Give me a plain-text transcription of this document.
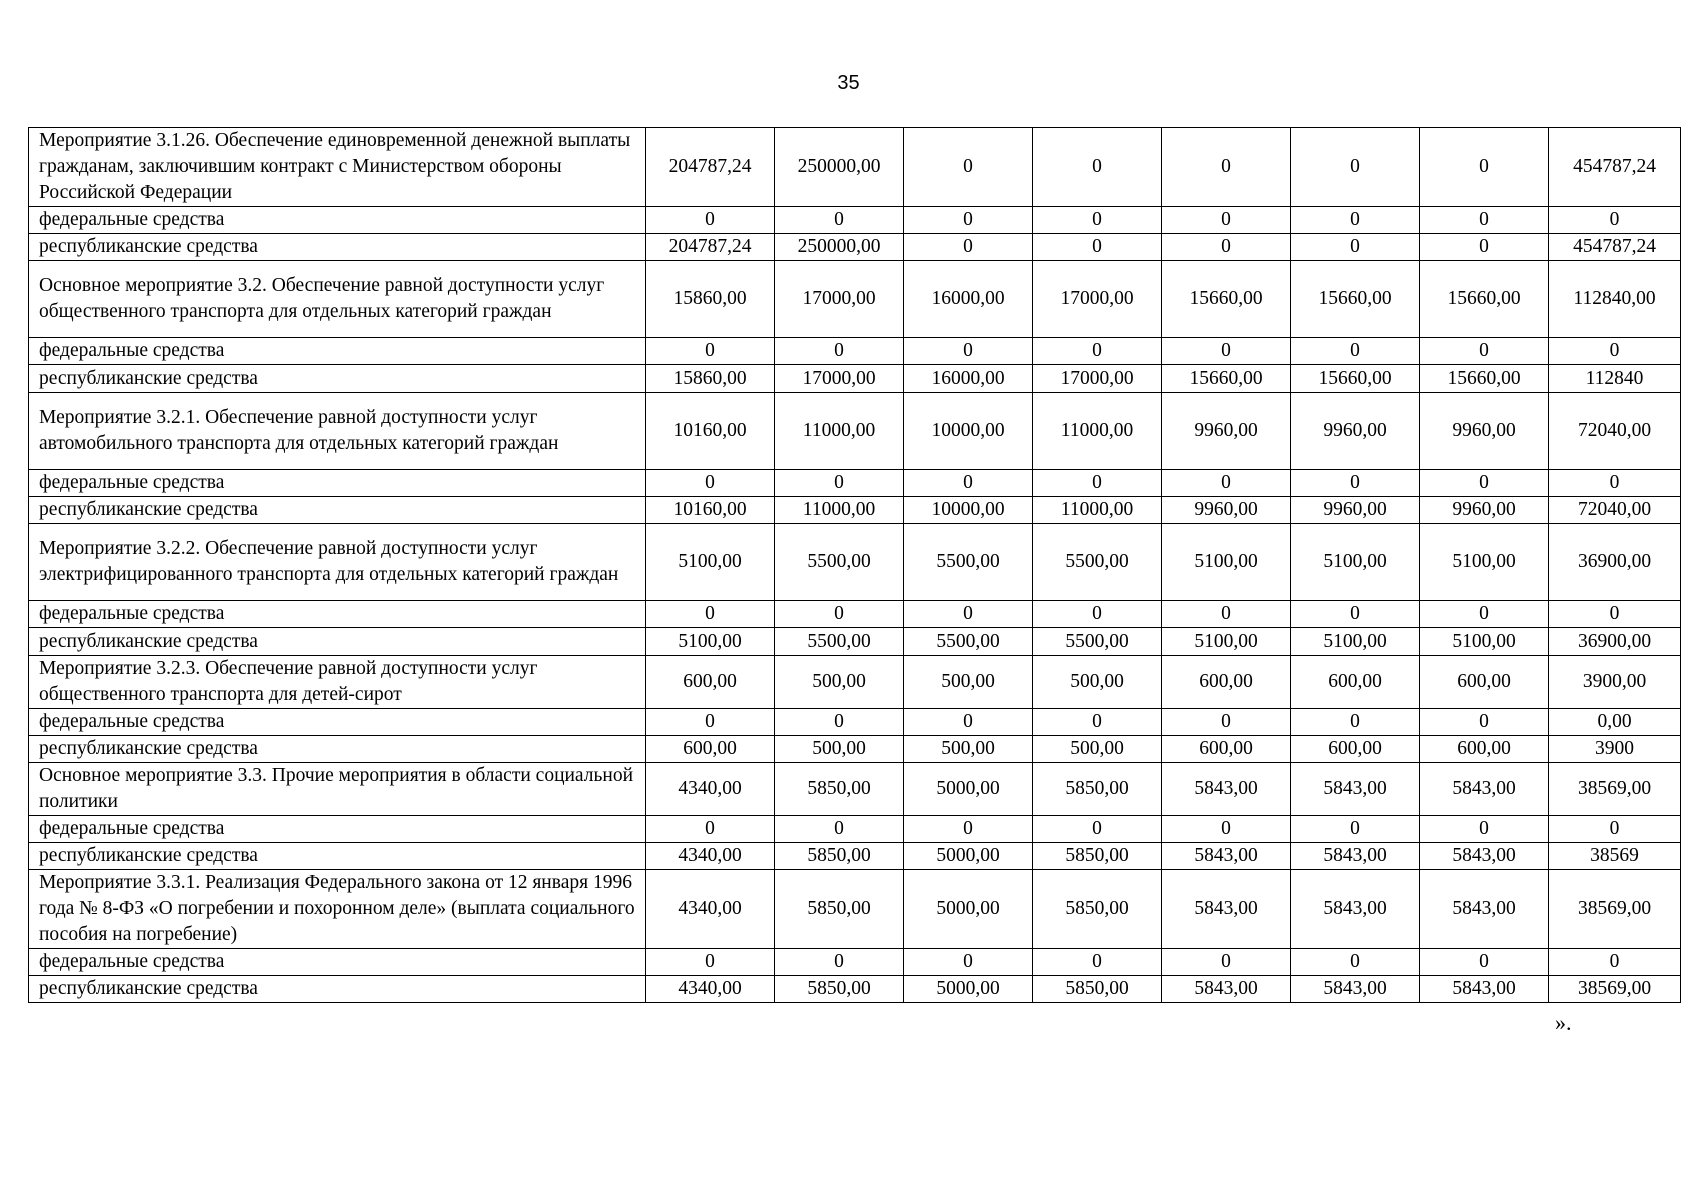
35
Мероприятие 3.1.26. Обеспечение единовременной денежной выплаты гражданам, заключившим контракт с Министерством обороны Российской Федерации	204787,24	250000,00	0	0	0	0	0	454787,24
федеральные средства	0	0	0	0	0	0	0	0
республиканские средства	204787,24	250000,00	0	0	0	0	0	454787,24
Основное мероприятие 3.2. Обеспечение равной доступности услуг общественного транспорта для отдельных категорий граждан	15860,00	17000,00	16000,00	17000,00	15660,00	15660,00	15660,00	112840,00
федеральные средства	0	0	0	0	0	0	0	0
республиканские средства	15860,00	17000,00	16000,00	17000,00	15660,00	15660,00	15660,00	112840
Мероприятие 3.2.1. Обеспечение равной доступности услуг автомобильного транспорта для отдельных категорий граждан	10160,00	11000,00	10000,00	11000,00	9960,00	9960,00	9960,00	72040,00
федеральные средства	0	0	0	0	0	0	0	0
республиканские средства	10160,00	11000,00	10000,00	11000,00	9960,00	9960,00	9960,00	72040,00
Мероприятие 3.2.2. Обеспечение равной доступности услуг электрифицированного транспорта для отдельных категорий граждан	5100,00	5500,00	5500,00	5500,00	5100,00	5100,00	5100,00	36900,00
федеральные средства	0	0	0	0	0	0	0	0
республиканские средства	5100,00	5500,00	5500,00	5500,00	5100,00	5100,00	5100,00	36900,00
Мероприятие 3.2.3. Обеспечение равной доступности услуг общественного транспорта для детей-сирот	600,00	500,00	500,00	500,00	600,00	600,00	600,00	3900,00
федеральные средства	0	0	0	0	0	0	0	0,00
республиканские средства	600,00	500,00	500,00	500,00	600,00	600,00	600,00	3900
Основное мероприятие 3.3. Прочие мероприятия в области социальной политики	4340,00	5850,00	5000,00	5850,00	5843,00	5843,00	5843,00	38569,00
федеральные средства	0	0	0	0	0	0	0	0
республиканские средства	4340,00	5850,00	5000,00	5850,00	5843,00	5843,00	5843,00	38569
Мероприятие 3.3.1. Реализация Федерального закона от 12 января 1996 года № 8-ФЗ «О погребении и похоронном деле» (выплата социального пособия на погребение)	4340,00	5850,00	5000,00	5850,00	5843,00	5843,00	5843,00	38569,00
федеральные средства	0	0	0	0	0	0	0	0
республиканские средства	4340,00	5850,00	5000,00	5850,00	5843,00	5843,00	5843,00	38569,00
».
